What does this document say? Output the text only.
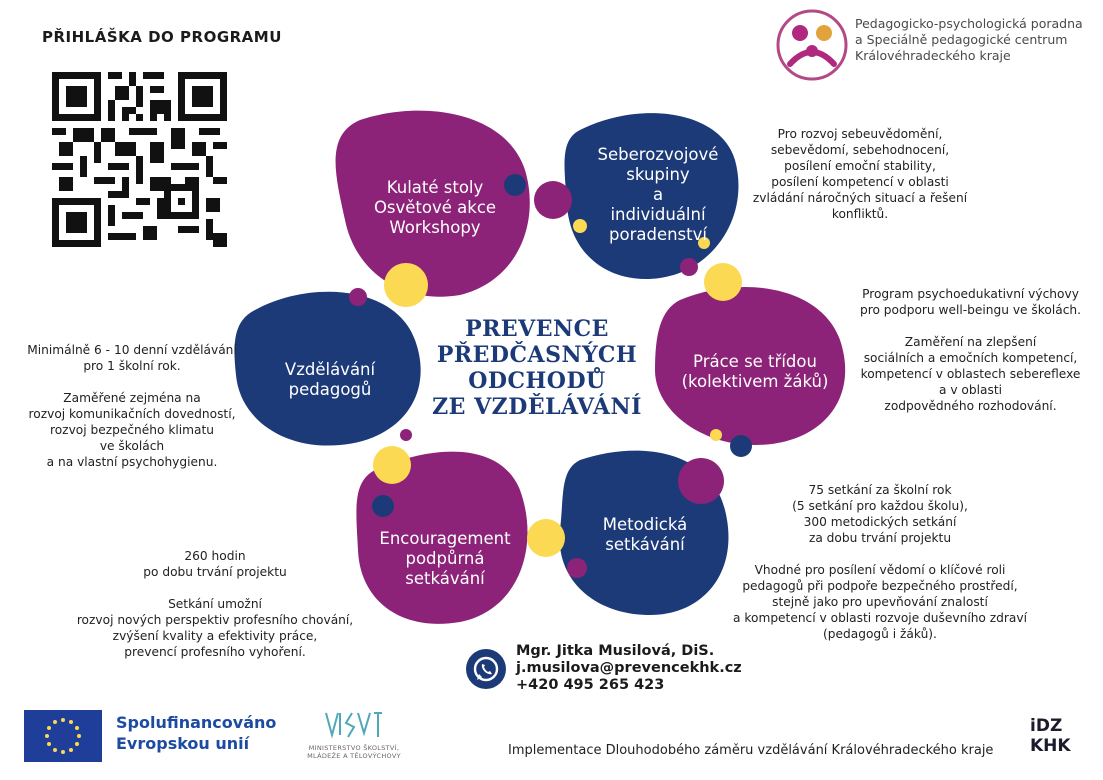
PŘIHLÁŠKA DO PROGRAMU
Pedagogicko-psychologická poradna
a Speciálně pedagogické centrum
Královéhradeckého kraje
Kulaté stoly
Osvětové akce
Workshopy
Seberozvojové
skupiny
a
individuální
poradenství
Práce se třídou
(kolektivem žáků)
Metodická
setkávání
Encouragement
podpůrná
setkávání
Vzdělávání
pedagogů
PREVENCE
PŘEDČASNÝCH
ODCHODŮ
ZE VZDĚLÁVÁNÍ
Pro rozvoj sebeuvědomění,
sebevědomí, sebehodnocení,
posílení emoční stability,
posílení kompetencí v oblasti
zvládání náročných situací a řešení
konfliktů.
Program psychoedukativní výchovy
pro podporu well-beingu ve školách.

Zaměření na zlepšení
sociálních a emočních kompetencí,
kompetencí v oblastech sebereflexe
a v oblasti
zodpovědného rozhodování.
Minimálně 6 - 10 denní vzdělávání
pro 1 školní rok.

Zaměřené zejména na
rozvoj komunikačních dovedností,
rozvoj bezpečného klimatu
ve školách
a na vlastní psychohygienu.
75 setkání za školní rok
(5 setkání pro každou školu),
300 metodických setkání
za dobu trvání projektu

Vhodné pro posílení vědomí o klíčové roli
pedagogů při podpoře bezpečného prostředí,
stejně jako pro upevňování znalostí
a kompetencí v oblasti rozvoje duševního zdraví
(pedagogů i žáků).
260 hodin
po dobu trvání projektu

Setkání umožní
rozvoj nových perspektiv profesního chování,
zvýšení kvality a efektivity práce,
prevencí profesního vyhoření.	Mgr. Jitka Musilová, DiS.
j.musilova@prevencekhk.cz
+420 495 265 423
Spolufinancováno
Evropskou unií	MINISTERSTVO ŠKOLSTVÍ,
MLÁDEŽE A TĚLOVÝCHOVY	Implementace Dlouhodobého záměru vzdělávání Královéhradeckého kraje
iDZ
KHK
